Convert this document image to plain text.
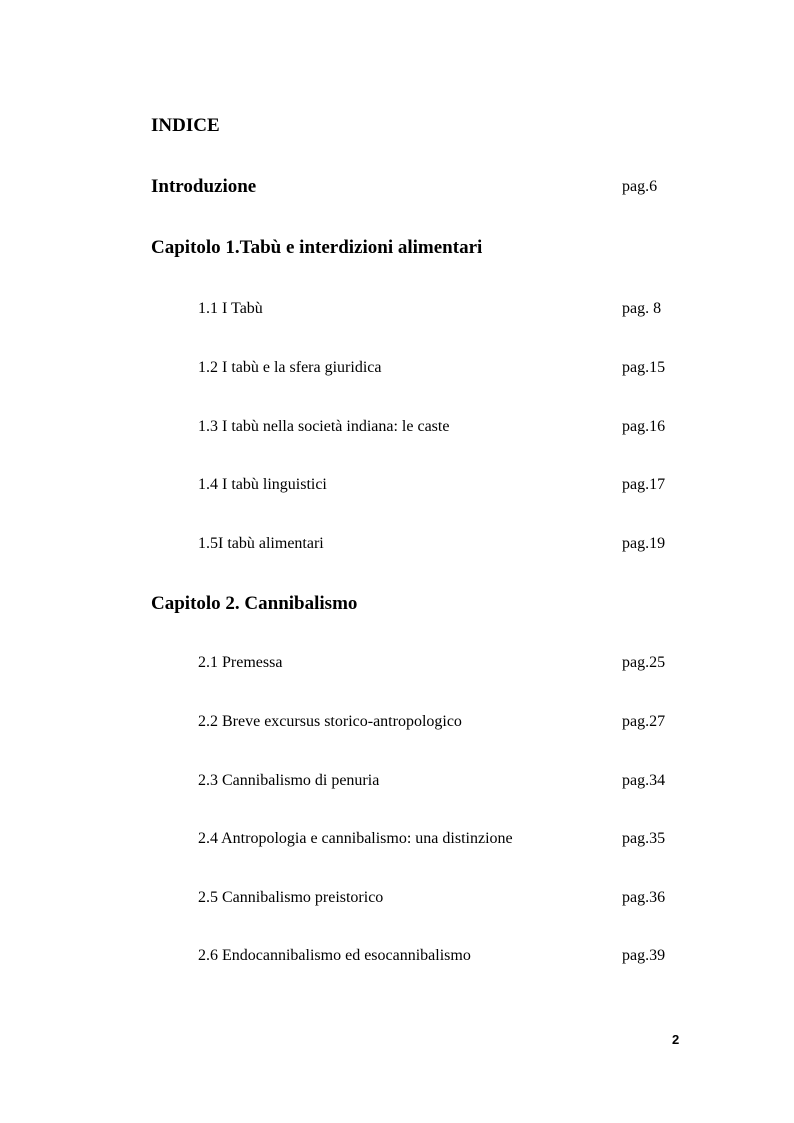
INDICE
Introduzione	pag.6
Capitolo 1.Tabù e interdizioni alimentari
1.1 I Tabù	pag. 8
1.2 I tabù e la sfera giuridica	pag.15
1.3 I tabù nella società indiana: le caste	pag.16
1.4 I tabù linguistici	pag.17
1.5I tabù alimentari	pag.19
Capitolo 2. Cannibalismo
2.1 Premessa	pag.25
2.2 Breve excursus storico-antropologico	pag.27
2.3 Cannibalismo di penuria	pag.34
2.4 Antropologia e cannibalismo: una distinzione	pag.35
2.5 Cannibalismo preistorico	pag.36
2.6 Endocannibalismo ed esocannibalismo	pag.39
2
